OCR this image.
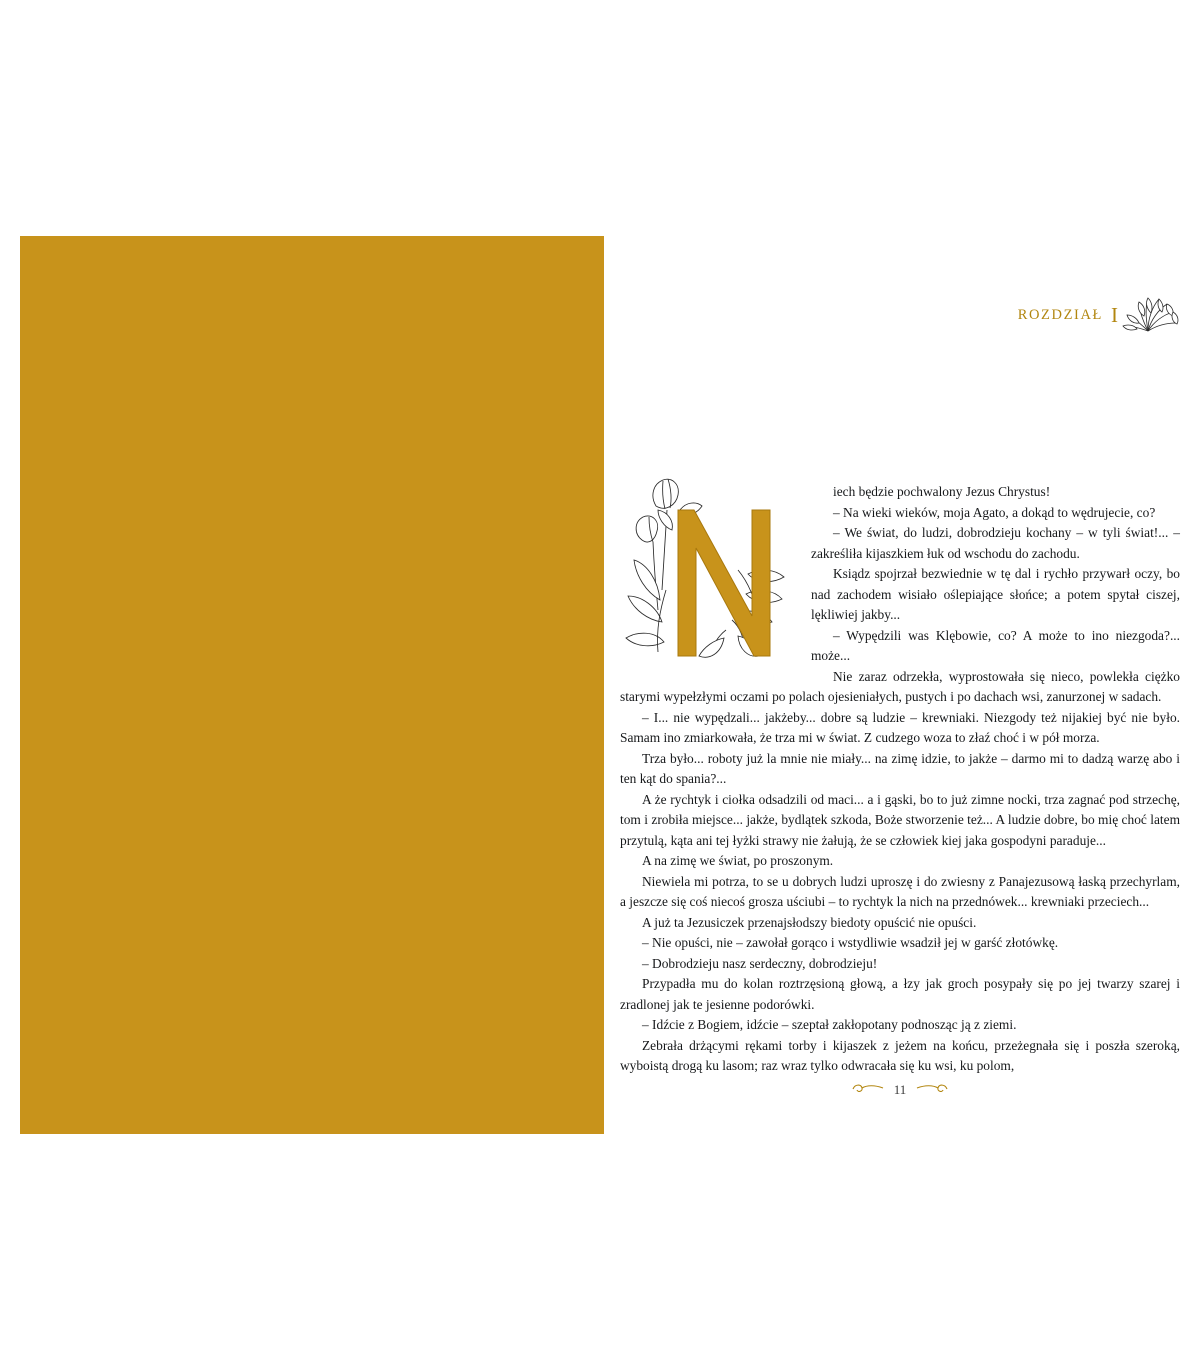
ROZDZIAŁ I

iech będzie pochwalony Jezus Chrystus!

– Na wieki wieków, moja Agato, a dokąd to wędrujecie, co?

– We świat, do ludzi, dobrodzieju kochany – w tyli świat!... – zakreśliła kijaszkiem łuk od wschodu do zachodu.

Ksiądz spojrzał bezwiednie w tę dal i rychło przywarł oczy, bo nad zachodem wisiało oślepiające słońce; a potem spytał ciszej, lękliwiej jakby...

– Wypędzili was Klębowie, co? A może to ino niezgoda?... może...

Nie zaraz odrzekła, wyprostowała się nieco, powlekła ciężko starymi wypełzłymi oczami po polach ojesieniałych, pustych i po dachach wsi, zanurzonej w sadach.

– I... nie wypędzali... jakżeby... dobre są ludzie – krewniaki. Niezgody też nijakiej być nie było. Samam ino zmiarkowała, że trza mi w świat. Z cudzego woza to złaź choć i w pół morza.

Trza było... roboty już la mnie nie miały... na zimę idzie, to jakże – darmo mi to dadzą warzę abo i ten kąt do spania?...

A że rychtyk i ciołka odsadzili od maci... a i gąski, bo to już zimne nocki, trza zagnać pod strzechę, tom i zrobiła miejsce... jakże, bydlątek szkoda, Boże stworzenie też... A ludzie dobre, bo mię choć latem przytulą, kąta ani tej łyżki strawy nie żałują, że se człowiek kiej jaka gospodyni paraduje...

A na zimę we świat, po proszonym.

Niewiela mi potrza, to se u dobrych ludzi uproszę i do zwiesny z Panajezusową łaską przechyrlam, a jeszcze się coś niecoś grosza uściubi – to rychtyk la nich na przednówek... krewniaki przeciech...

A już ta Jezusiczek przenajsłodszy biedoty opuścić nie opuści.

– Nie opuści, nie – zawołał gorąco i wstydliwie wsadził jej w garść złotówkę.

– Dobrodzieju nasz serdeczny, dobrodzieju!

Przypadła mu do kolan roztrzęsioną głową, a łzy jak groch posypały się po jej twarzy szarej i zradlonej jak te jesienne podorówki.

– Idźcie z Bogiem, idźcie – szeptał zakłopotany podnosząc ją z ziemi.

Zebrała drżącymi rękami torby i kijaszek z jeżem na końcu, przeżegnała się i poszła szeroką, wyboistą drogą ku lasom; raz wraz tylko odwracała się ku wsi, ku polom,

11
